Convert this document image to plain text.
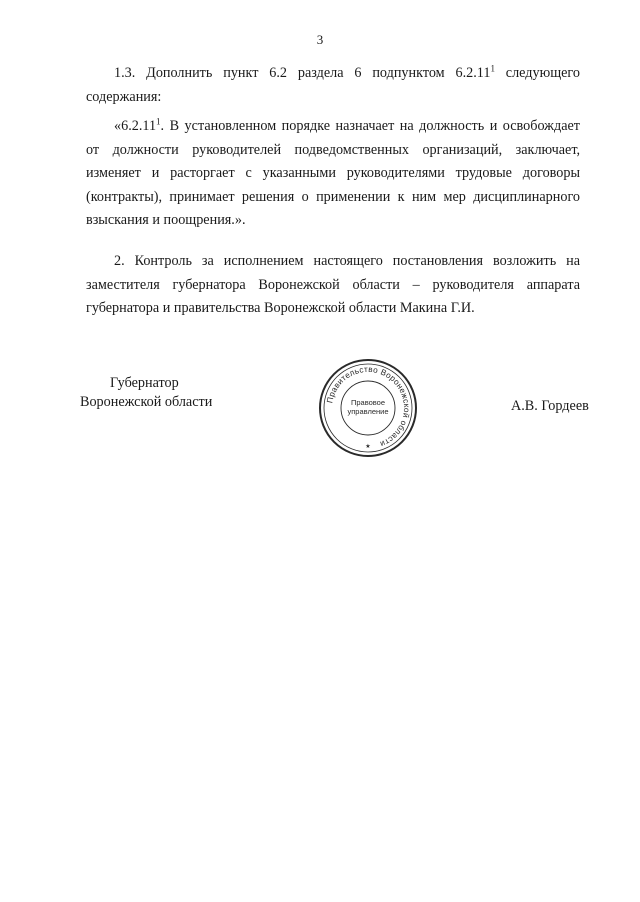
3

1.3. Дополнить пункт 6.2 раздела 6 подпунктом 6.2.11$^1$ следующего содержания:

«6.2.11$^1$. В установленном порядке назначает на должность и освобождает от должности руководителей подведомственных организаций, заключает, изменяет и расторгает с указанными руководителями трудовые договоры (контракты), принимает решения о применении к ним мер дисциплинарного взыскания и поощрения.».

2. Контроль за исполнением настоящего постановления возложить на заместителя губернатора Воронежской области – руководителя аппарата губернатора и правительства Воронежской области Макина Г.И.

Губернатор
Воронежской области	А.В. Гордеев
Правительство Воронежской области
Правовое
управление
★
